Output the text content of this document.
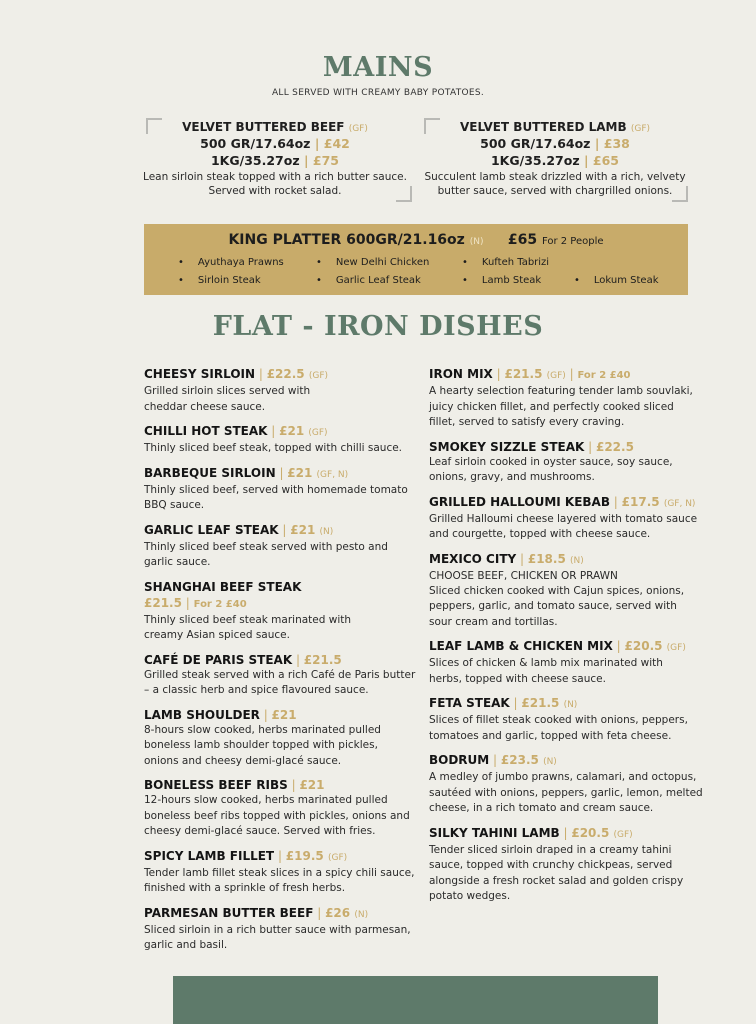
MAINS
ALL SERVED WITH CREAMY BABY POTATOES.
VELVET BUTTERED BEEF (GF)
500 GR/17.64oz | £42
1KG/35.27oz | £75
Lean sirloin steak topped with a rich butter sauce.
Served with rocket salad.
VELVET BUTTERED LAMB (GF)
500 GR/17.64oz | £38
1KG/35.27oz | £65
Succulent lamb steak drizzled with a rich, velvety
butter sauce, served with chargrilled onions.
KING PLATTER 600GR/21.16oz (N) £65 For 2 People
• Ayuthaya Prawns	• New Delhi Chicken	• Kufteh Tabrizi
• Sirloin Steak	• Garlic Leaf Steak	• Lamb Steak	• Lokum Steak
FLAT - IRON DISHES
CHEESY SIRLOIN | £22.5 (GF)
Grilled sirloin slices served with
cheddar cheese sauce.
CHILLI HOT STEAK | £21 (GF)
Thinly sliced beef steak, topped with chilli sauce.
BARBEQUE SIRLOIN | £21 (GF, N)
Thinly sliced beef, served with homemade tomato
BBQ sauce.
GARLIC LEAF STEAK | £21 (N)
Thinly sliced beef steak served with pesto and
garlic sauce.
SHANGHAI BEEF STEAK
£21.5 | For 2 £40
Thinly sliced beef steak marinated with
creamy Asian spiced sauce.
CAFÉ DE PARIS STEAK | £21.5
Grilled steak served with a rich Café de Paris butter
– a classic herb and spice flavoured sauce.
LAMB SHOULDER | £21
8-hours slow cooked, herbs marinated pulled
boneless lamb shoulder topped with pickles,
onions and cheesy demi-glacé sauce.
BONELESS BEEF RIBS | £21
12-hours slow cooked, herbs marinated pulled
boneless beef ribs topped with pickles, onions and
cheesy demi-glacé sauce. Served with fries.
SPICY LAMB FILLET | £19.5 (GF)
Tender lamb fillet steak slices in a spicy chili sauce,
finished with a sprinkle of fresh herbs.
PARMESAN BUTTER BEEF | £26 (N)
Sliced sirloin in a rich butter sauce with parmesan,
garlic and basil.
IRON MIX | £21.5 (GF) | For 2 £40
A hearty selection featuring tender lamb souvlaki,
juicy chicken fillet, and perfectly cooked sliced
fillet, served to satisfy every craving.
SMOKEY SIZZLE STEAK | £22.5
Leaf sirloin cooked in oyster sauce, soy sauce,
onions, gravy, and mushrooms.
GRILLED HALLOUMI KEBAB | £17.5 (GF, N)
Grilled Halloumi cheese layered with tomato sauce
and courgette, topped with cheese sauce.
MEXICO CITY | £18.5 (N)
CHOOSE BEEF, CHICKEN OR PRAWN
Sliced chicken cooked with Cajun spices, onions,
peppers, garlic, and tomato sauce, served with
sour cream and tortillas.
LEAF LAMB & CHICKEN MIX | £20.5 (GF)
Slices of chicken & lamb mix marinated with
herbs, topped with cheese sauce.
FETA STEAK | £21.5 (N)
Slices of fillet steak cooked with onions, peppers,
tomatoes and garlic, topped with feta cheese.
BODRUM | £23.5 (N)
A medley of jumbo prawns, calamari, and octopus,
sautéed with onions, peppers, garlic, lemon, melted
cheese, in a rich tomato and cream sauce.
SILKY TAHINI LAMB | £20.5 (GF)
Tender sliced sirloin draped in a creamy tahini
sauce, topped with crunchy chickpeas, served
alongside a fresh rocket salad and golden crispy
potato wedges.
